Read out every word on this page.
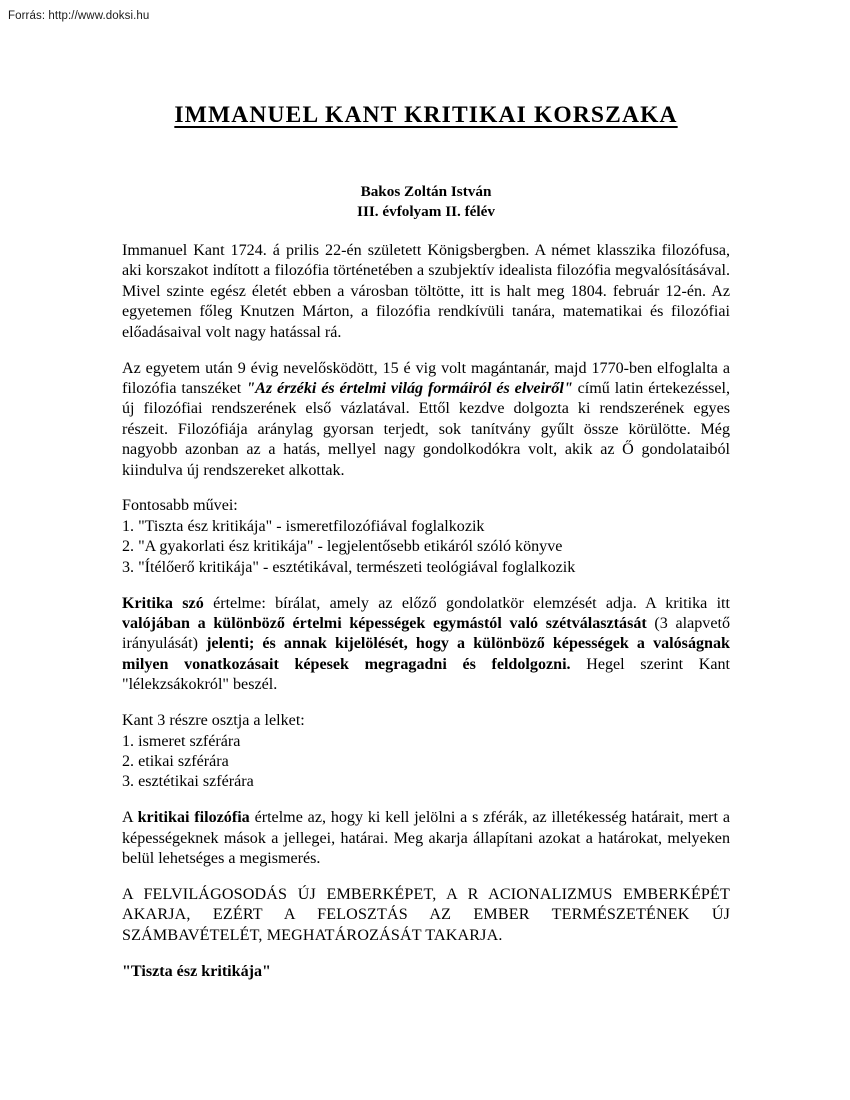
Forrás: http://www.doksi.hu
IMMANUEL KANT KRITIKAI KORSZAKA
Bakos Zoltán István
III. évfolyam II. félév

Immanuel Kant 1724. á prilis 22-én született Königsbergben. A német klasszika filozófusa, aki korszakot indított a filozófia történetében a szubjektív idealista filozófia megvalósításával. Mivel szinte egész életét ebben a városban töltötte, itt is halt meg 1804. február 12-én. Az egyetemen főleg Knutzen Márton, a filozófia rendkívüli tanára, matematikai és filozófiai előadásaival volt nagy hatással rá.

Az egyetem után 9 évig nevelősködött, 15 é vig volt magántanár, majd 1770-ben elfoglalta a filozófia tanszéket "Az érzéki és értelmi világ formáiról és elveiről" című latin értekezéssel, új filozófiai rendszerének első vázlatával. Ettől kezdve dolgozta ki rendszerének egyes részeit. Filozófiája aránylag gyorsan terjedt, sok tanítvány gyűlt össze körülötte. Még nagyobb azonban az a hatás, mellyel nagy gondolkodókra volt, akik az Ő gondolataiból kiindulva új rendszereket alkottak.

Fontosabb művei:
1. "Tiszta ész kritikája" - ismeretfilozófiával foglalkozik
2. "A gyakorlati ész kritikája" - legjelentősebb etikáról szóló könyve
3. "Ítélőerő kritikája" - esztétikával, természeti teológiával foglalkozik

Kritika szó értelme: bírálat, amely az előző gondolatkör elemzését adja. A kritika itt valójában a különböző értelmi képességek egymástól való szétválasztását (3 alapvető irányulását) jelenti; és annak kijelölését, hogy a különböző képességek a valóságnak milyen vonatkozásait képesek megragadni és feldolgozni. Hegel szerint Kant "lélekzsákokról" beszél.

Kant 3 részre osztja a lelket:
1. ismeret szférára
2. etikai szférára
3. esztétikai szférára

A kritikai filozófia értelme az, hogy ki kell jelölni a s zférák, az illetékesség határait, mert a képességeknek mások a jellegei, határai. Meg akarja állapítani azokat a határokat, melyeken belül lehetséges a megismerés.

A FELVILÁGOSODÁS ÚJ EMBERKÉPET, A R ACIONALIZMUS EMBERKÉPÉT AKARJA, EZÉRT A FELOSZTÁS AZ EMBER TERMÉSZETÉNEK ÚJ SZÁMBAVÉTELÉT, MEGHATÁROZÁSÁT TAKARJA.

"Tiszta ész kritikája"
